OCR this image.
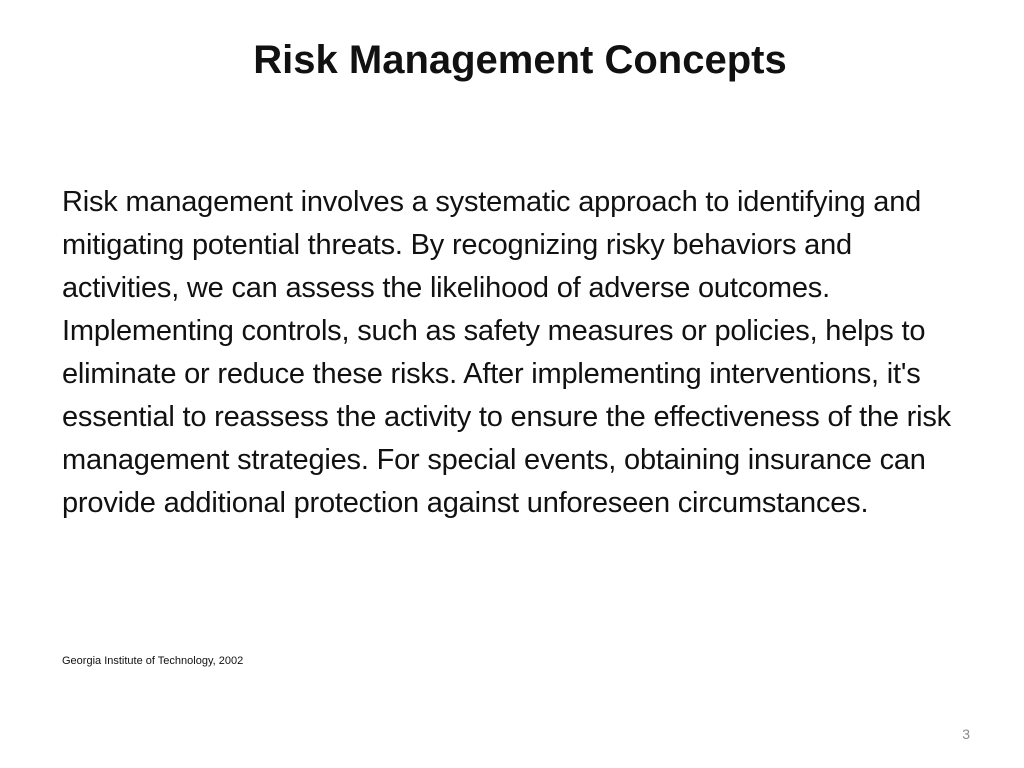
Risk Management Concepts

Risk management involves a systematic approach to identifying and mitigating potential threats. By recognizing risky behaviors and activities, we can assess the likelihood of adverse outcomes. Implementing controls, such as safety measures or policies, helps to eliminate or reduce these risks. After implementing interventions, it's essential to reassess the activity to ensure the effectiveness of the risk management strategies. For special events, obtaining insurance can provide additional protection against unforeseen circumstances.

Georgia Institute of Technology, 2002

3
